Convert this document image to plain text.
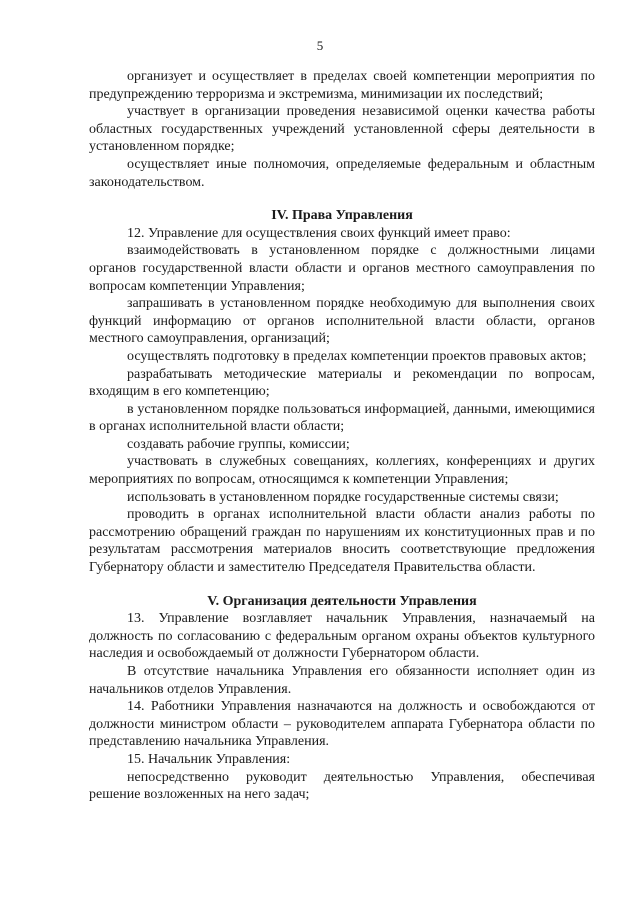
5

организует и осуществляет в пределах своей компетенции мероприятия по предупреждению терроризма и экстремизма, минимизации их последствий;

участвует в организации проведения независимой оценки качества работы областных государственных учреждений установленной сферы деятельности в установленном порядке;

осуществляет иные полномочия, определяемые федеральным и областным законодательством.

IV. Права Управления

12. Управление для осуществления своих функций имеет право:

взаимодействовать в установленном порядке с должностными лицами органов государственной власти области и органов местного самоуправления по вопросам компетенции Управления;

запрашивать в установленном порядке необходимую для выполнения своих функций информацию от органов исполнительной власти области, органов местного самоуправления, организаций;

осуществлять подготовку в пределах компетенции проектов правовых актов;

разрабатывать методические материалы и рекомендации по вопросам, входящим в его компетенцию;

в установленном порядке пользоваться информацией, данными, имеющимися в органах исполнительной власти области;

создавать рабочие группы, комиссии;

участвовать в служебных совещаниях, коллегиях, конференциях и других мероприятиях по вопросам, относящимся к компетенции Управления;

использовать в установленном порядке государственные системы связи;

проводить в органах исполнительной власти области анализ работы по рассмотрению обращений граждан по нарушениям их конституционных прав и по результатам рассмотрения материалов вносить соответствующие предложения Губернатору области и заместителю Председателя Правительства области.

V. Организация деятельности Управления

13. Управление возглавляет начальник Управления, назначаемый на должность по согласованию с федеральным органом охраны объектов культурного наследия и освобождаемый от должности Губернатором области.

В отсутствие начальника Управления его обязанности исполняет один из начальников отделов Управления.

14. Работники Управления назначаются на должность и освобождаются от должности министром области – руководителем аппарата Губернатора области по представлению начальника Управления.

15. Начальник Управления:

непосредственно руководит деятельностью Управления, обеспечивая решение возложенных на него задач;
